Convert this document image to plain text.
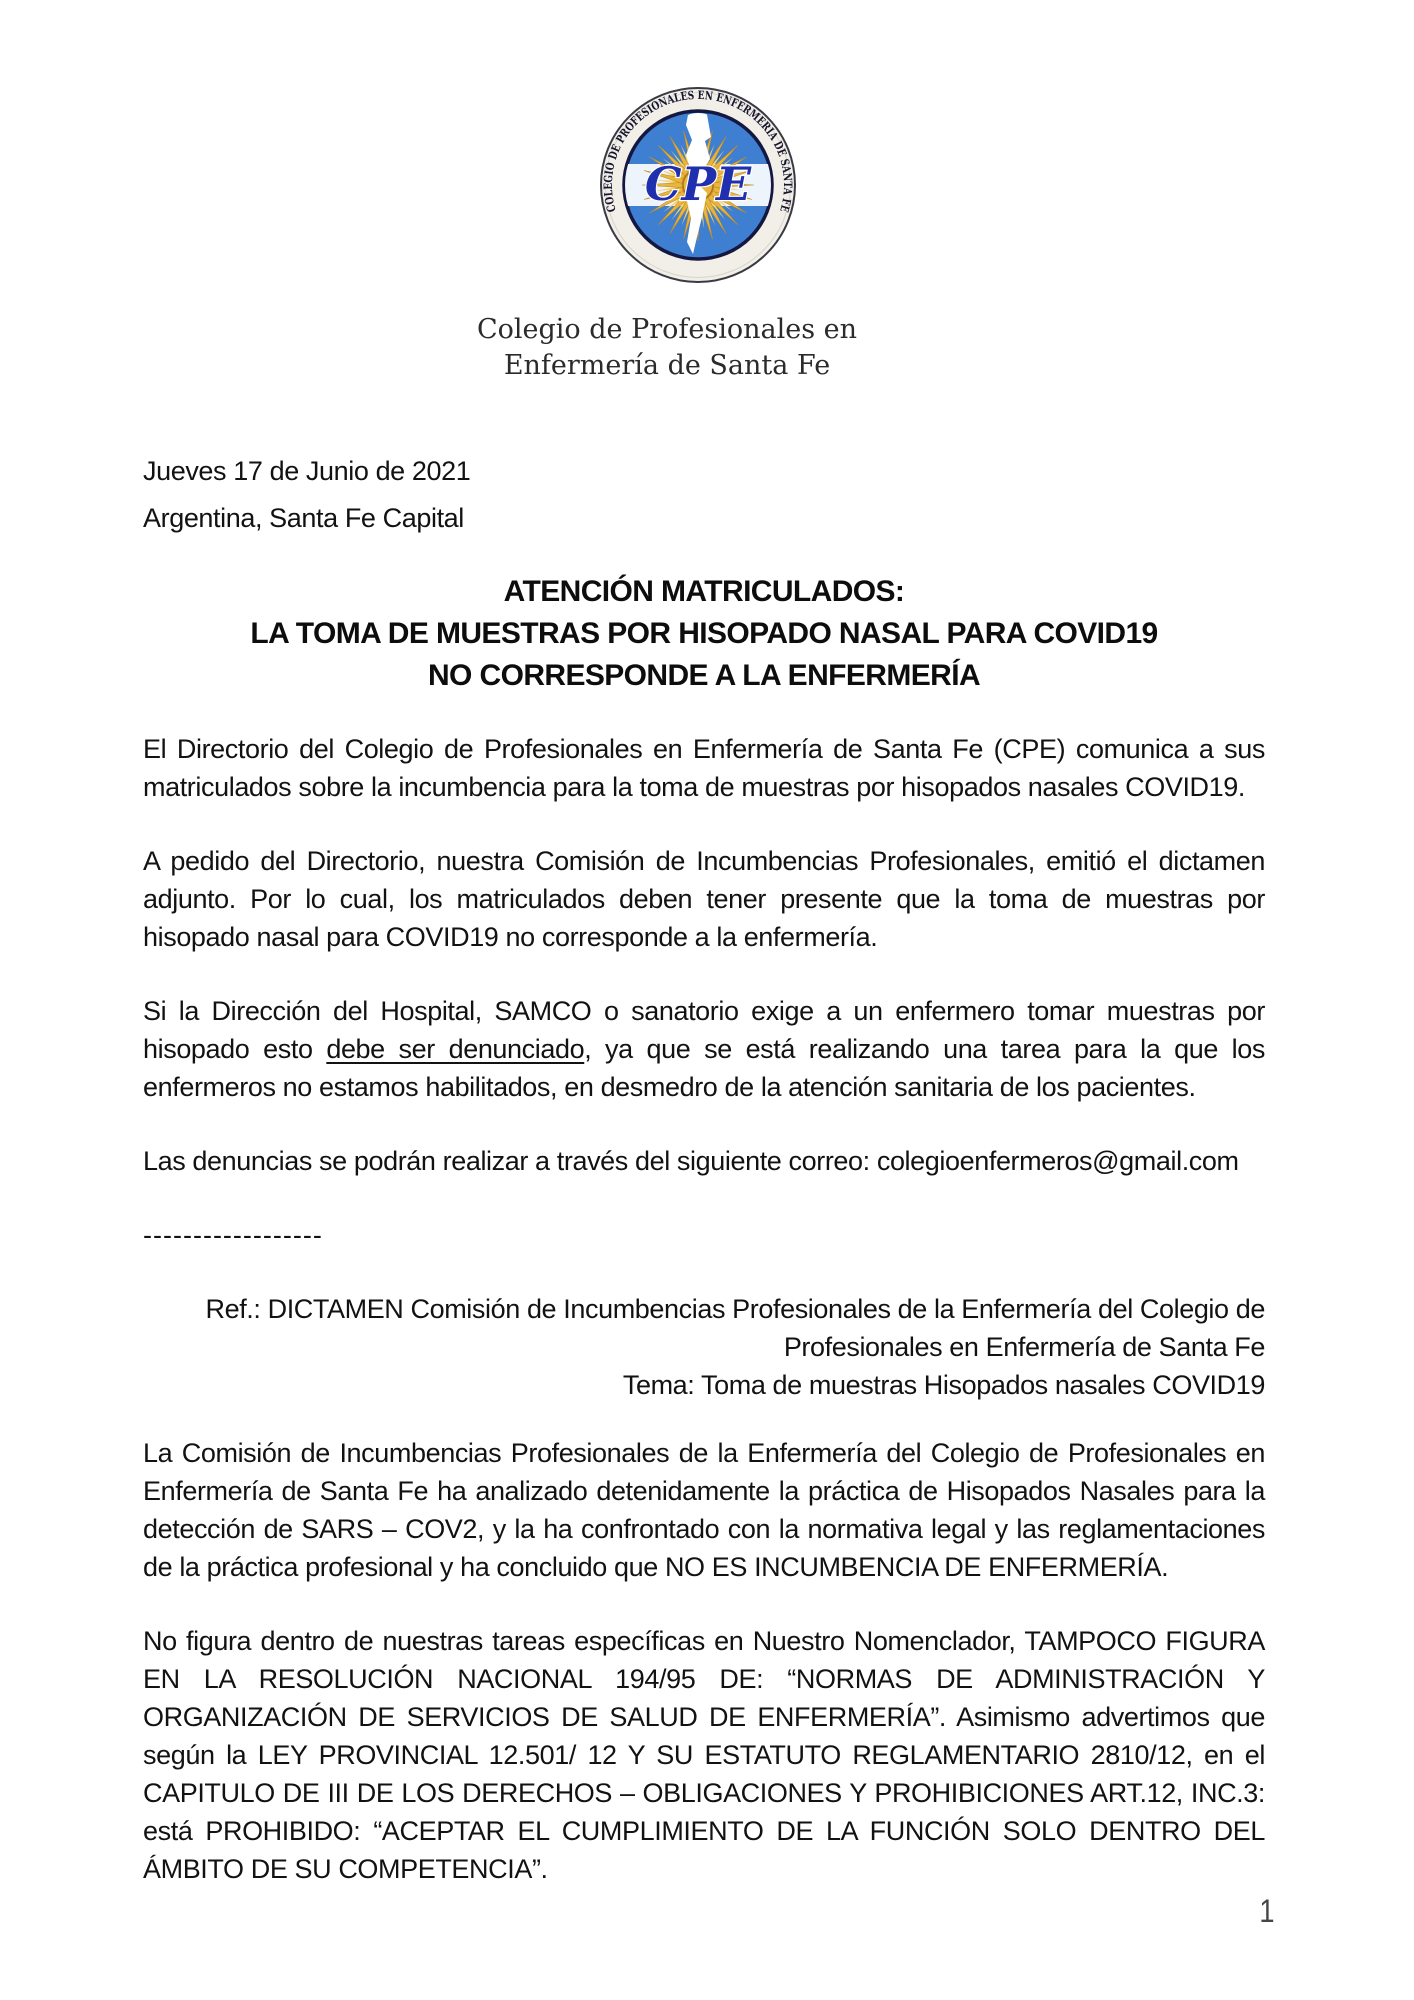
COLEGIO DE PROFESIONALES EN ENFERMERIA DE SANTA FE
CPE
Colegio de Profesionales en
Enfermería de Santa Fe
Jueves 17 de Junio de 2021
Argentina, Santa Fe Capital
ATENCIÓN MATRICULADOS:
LA TOMA DE MUESTRAS POR HISOPADO NASAL PARA COVID19
NO CORRESPONDE A LA ENFERMERÍA

El Directorio del Colegio de Profesionales en Enfermería de Santa Fe (CPE) comunica a sus matriculados sobre la incumbencia para la toma de muestras por hisopados nasales COVID19.

A pedido del Directorio, nuestra Comisión de Incumbencias Profesionales, emitió el dictamen adjunto. Por lo cual, los matriculados deben tener presente que la toma de muestras por hisopado nasal para COVID19 no corresponde a la enfermería.

Si la Dirección del Hospital, SAMCO o sanatorio exige a un enfermero tomar muestras por hisopado esto debe ser denunciado, ya que se está realizando una tarea para la que los enfermeros no estamos habilitados, en desmedro de la atención sanitaria de los pacientes.

Las denuncias se podrán realizar a través del siguiente correo: colegioenfermeros@gmail.com

------------------

Ref.: DICTAMEN Comisión de Incumbencias Profesionales de la Enfermería del Colegio de
Profesionales en Enfermería de Santa Fe
Tema: Toma de muestras Hisopados nasales COVID19

La Comisión de Incumbencias Profesionales de la Enfermería del Colegio de Profesionales en Enfermería de Santa Fe ha analizado detenidamente la práctica de Hisopados Nasales para la detección de SARS – COV2, y la ha confrontado con la normativa legal y las reglamentaciones de la práctica profesional y ha concluido que NO ES INCUMBENCIA DE ENFERMERÍA.

No figura dentro de nuestras tareas específicas en Nuestro Nomenclador, TAMPOCO FIGURA EN LA RESOLUCIÓN NACIONAL 194/95 DE: “NORMAS DE ADMINISTRACIÓN Y ORGANIZACIÓN DE SERVICIOS DE SALUD DE ENFERMERÍA”. Asimismo advertimos que según la LEY PROVINCIAL 12.501/ 12 Y SU ESTATUTO REGLAMENTARIO 2810/12, en el CAPITULO DE III DE LOS DERECHOS – OBLIGACIONES Y PROHIBICIONES ART.12, INC.3: está PROHIBIDO: “ACEPTAR EL CUMPLIMIENTO DE LA FUNCIÓN SOLO DENTRO DEL ÁMBITO DE SU COMPETENCIA”.

1
